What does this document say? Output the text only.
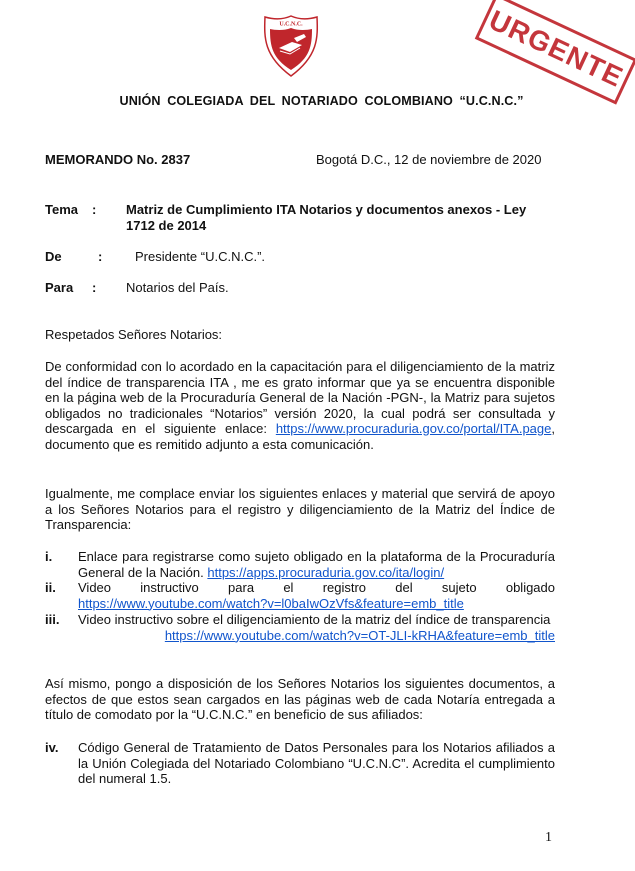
U.C.N.C.	URGENTE
UNIÓN COLEGIADA DEL NOTARIADO COLOMBIANO “U.C.N.C.”
MEMORANDO No. 2837	Bogotá D.C., 12 de noviembre de 2020
Tema	:	Matriz de Cumplimiento ITA Notarios y documentos anexos - Ley 1712 de 2014
De	:	Presidente “U.C.N.C.”.
Para	:	Notarios del País.
Respetados Señores Notarios:
De conformidad con lo acordado en la capacitación para el diligenciamiento de la matriz del índice de transparencia ITA , me es grato informar que ya se encuentra disponible en la página web de la Procuraduría General de la Nación -PGN-, la Matriz para sujetos obligados no tradicionales “Notarios” versión 2020, la cual podrá ser consultada y descargada en el siguiente enlace: https://www.procuraduria.gov.co/portal/ITA.page, documento que es remitido adjunto a esta comunicación.
Igualmente, me complace enviar los siguientes enlaces y material que servirá de apoyo a los Señores Notarios para el registro y diligenciamiento de la Matriz del Índice de Transparencia:
i.	Enlace para registrarse como sujeto obligado en la plataforma de la Procuraduría General de la Nación. https://apps.procuraduria.gov.co/ita/login/
ii.	Video instructivo para el registro del sujeto obligado
https://www.youtube.com/watch?v=l0baIwOzVfs&feature=emb_title
iii.	Video instructivo sobre el diligenciamiento de la matriz del índice de transparencia
https://www.youtube.com/watch?v=OT-JLI-kRHA&feature=emb_title
Así mismo, pongo a disposición de los Señores Notarios los siguientes documentos, a efectos de que estos sean cargados en las páginas web de cada Notaría entregada a título de comodato por la “U.C.N.C.” en beneficio de sus afiliados:
iv.	Código General de Tratamiento de Datos Personales para los Notarios afiliados a la Unión Colegiada del Notariado Colombiano “U.C.N.C”. Acredita el cumplimiento del numeral 1.5.
1
